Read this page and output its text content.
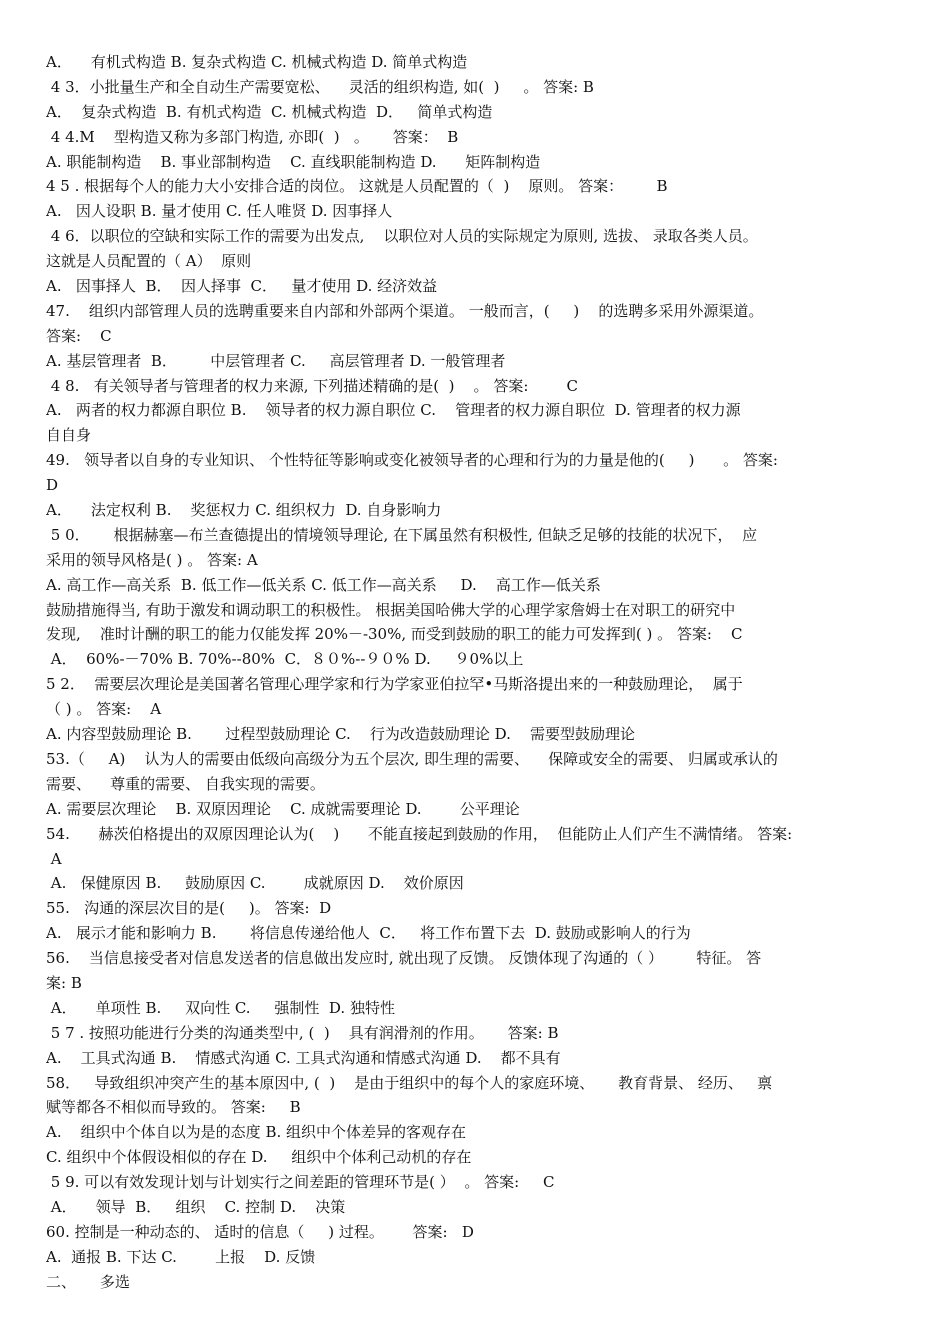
A．    有机式构造 B. 复杂式构造 C. 机械式构造 D. 简单式构造
4 3．小批量生产和全自动生产需要宽松、    灵活的组织构造, 如(  )     。 答案: B
A．  复杂式构造  B. 有机式构造  C. 机械式构造  D．   简单式构造
4 4.M    型构造又称为多部门构造, 亦即(  )   。     答案：  B
A. 职能制构造    B. 事业部制构造    C. 直线职能制构造 D.      矩阵制构造
4 5 . 根据每个人的能力大小安排合适的岗位。 这就是人员配置的（  )    原则。 答案：       B
A.   因人设职 B. 量才使用 C. 任人唯贤 D. 因事择人
4 6．以职位的空缺和实际工作的需要为出发点,    以职位对人员的实际规定为原则, 选拔、 录取各类人员。
这就是人员配置的（ A）  原则
A.   因事择人  B．  因人择事  C．   量才使用 D. 经济效益
47.    组织内部管理人员的选聘重要来自内部和外部两个渠道。 一般而言，(     )    的选聘多采用外源渠道。
答案:    C
A. 基层管理者  B．       中层管理者 C.     高层管理者 D. 一般管理者
4 8.   有关领导者与管理者的权力来源, 下列描述精确的是(  )    。 答案:        C
A.   两者的权力都源自职位 B.    领导者的权力源自职位 C.    管理者的权力源自职位  D. 管理者的权力源
自自身
49.   领导者以自身的专业知识、 个性特征等影响或变化被领导者的心理和行为的力量是他的(     )      。 答案:
D
A．    法定权利 B.    奖惩权力 C. 组织权力  D. 自身影响力
5 0．     根据赫塞—布兰查德提出的情境领导理论, 在下属虽然有积极性, 但缺乏足够的技能的状况下，  应
采用的领导风格是( ) 。 答案: A
A. 高工作—高关系  B. 低工作—低关系 C. 低工作—高关系     D.    高工作—低关系
鼓励措施得当, 有助于激发和调动职工的积极性。 根据美国哈佛大学的心理学家詹姆士在对职工的研究中
发现,    准时计酬的职工的能力仅能发挥 20%－-30%, 而受到鼓励的职工的能力可发挥到( ) 。 答案:    C
A．  60%-－70% B. 70%--80%  C．８０%--９０% D.     ９0%以上
5 2．  需要层次理论是美国著名管理心理学家和行为学家亚伯拉罕•马斯洛提出来的一种鼓励理论，  属于
（ ) 。 答案:    A
A. 内容型鼓励理论 B.       过程型鼓励理论 C.    行为改造鼓励理论 D.    需要型鼓励理论
53.（     A)    认为人的需要由低级向高级分为五个层次, 即生理的需要、    保障或安全的需要、 归属或承认的
需要、    尊重的需要、 自我实现的需要。
A. 需要层次理论    B. 双原因理论    C. 成就需要理论 D.        公平理论
54.      赫茨伯格提出的双原因理论认为(    )      不能直接起到鼓励的作用，  但能防止人们产生不满情绪。 答案:
A
A.   保健原因 B.     鼓励原因 C.        成就原因 D.    效价原因
55.   沟通的深层次目的是(     )。 答案:  D
A.   展示才能和影响力 B.       将信息传递给他人  C．   将工作布置下去  D. 鼓励或影响人的行为
56.    当信息接受者对信息发送者的信息做出发应时, 就出现了反馈。 反馈体现了沟通的（ ）       特征。 答
案: B
A．    单项性 B.     双向性 C.     强制性  D. 独特性
5 7 . 按照功能进行分类的沟通类型中, (  )    具有润滑剂的作用。     答案: B
A.    工具式沟通 B.    情感式沟通 C. 工具式沟通和情感式沟通 D.    都不具有
58．   导致组织冲突产生的基本原因中, (  )    是由于组织中的每个人的家庭环境、     教育背景、 经历、   禀
赋等都各不相似而导致的。 答案:     B
A.    组织中个体自以为是的态度 B. 组织中个体差异的客观存在
C. 组织中个体假设相似的存在 D.     组织中个体利己动机的存在
5 9. 可以有效发现计划与计划实行之间差距的管理环节是( ）  。 答案:     C
A．    领导  B．   组织    C. 控制 D.    决策
60. 控制是一种动态的、 适时的信息（     ) 过程。      答案:   D
A.  通报 B. 下达 C.        上报    D. 反馈
二、     多选
